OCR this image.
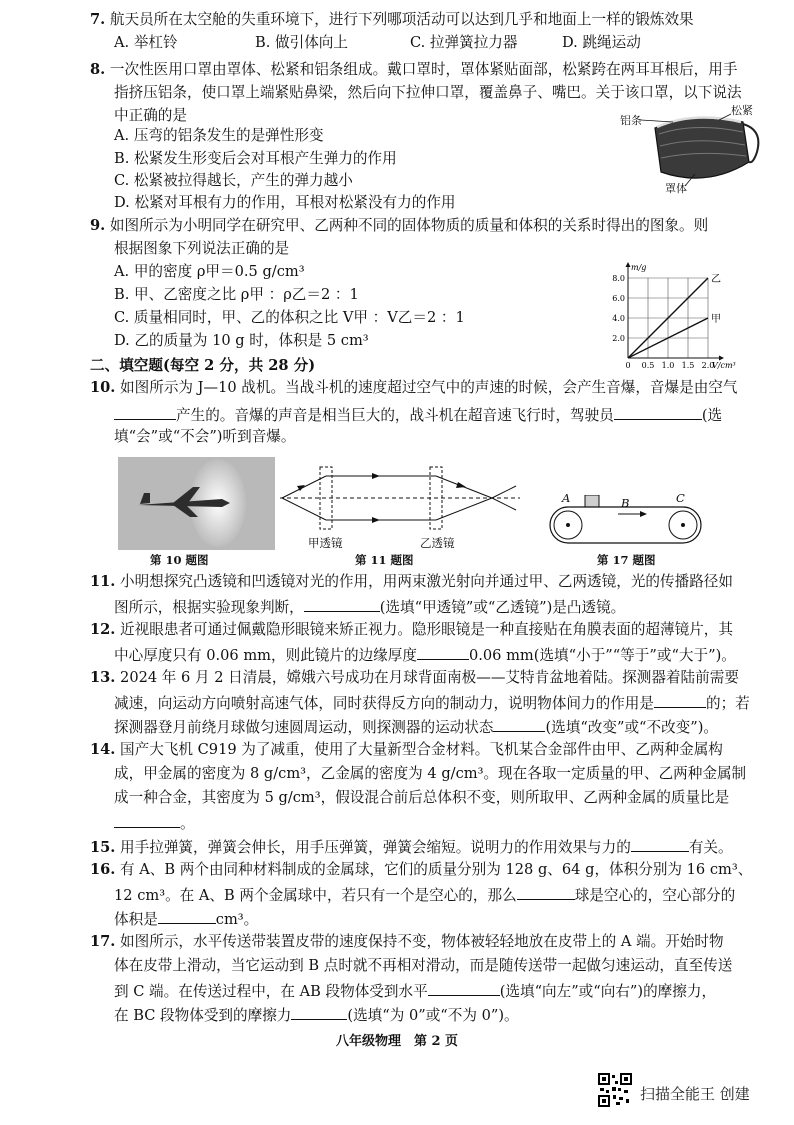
7. 航天员所在太空舱的失重环境下，进行下列哪项活动可以达到几乎和地面上一样的锻炼效果
A. 举杠铃	B. 做引体向上	C. 拉弹簧拉力器	D. 跳绳运动
8. 一次性医用口罩由罩体、松紧和铝条组成。戴口罩时，罩体紧贴面部，松紧跨在两耳耳根后，用手
指挤压铝条，使口罩上端紧贴鼻梁，然后向下拉伸口罩，覆盖鼻子、嘴巴。关于该口罩，以下说法
中正确的是
A. 压弯的铝条发生的是弹性形变
B. 松紧发生形变后会对耳根产生弹力的作用
C. 松紧被拉得越长，产生的弹力越小
D. 松紧对耳根有力的作用，耳根对松紧没有力的作用
铝条
松紧
罩体
9. 如图所示为小明同学在研究甲、乙两种不同的固体物质的质量和体积的关系时得出的图象。则
根据图象下列说法正确的是
A. 甲的密度 ρ甲＝0.5 g/cm³
B. 甲、乙密度之比 ρ甲 ：ρ乙＝2 ：1
C. 质量相同时，甲、乙的体积之比 V甲 ：V乙＝2 ：1
D. 乙的质量为 10 g 时，体积是 5 cm³
0 0.5 1.0 1.5 2.0
2.0
4.0
6.0
8.0
m/g
V/cm³
乙
甲
二、填空题(每空 2 分，共 28 分)
10. 如图所示为 J—10 战机。当战斗机的速度超过空气中的声速的时候，会产生音爆，音爆是由空气
产生的。音爆的声音是相当巨大的，战斗机在超音速飞行时，驾驶员	(选
填“会”或“不会”)听到音爆。
第 10 题图
甲透镜	乙透镜
第 11 题图
A	B	C
第 17 题图
11. 小明想探究凸透镜和凹透镜对光的作用，用两束激光射向并通过甲、乙两透镜，光的传播路径如
图所示，根据实验现象判断，	(选填“甲透镜”或“乙透镜”)是凸透镜。
12. 近视眼患者可通过佩戴隐形眼镜来矫正视力。隐形眼镜是一种直接贴在角膜表面的超薄镜片，其
中心厚度只有 0.06 mm，则此镜片的边缘厚度	0.06 mm(选填“小于”“等于”或“大于”)。
13. 2024 年 6 月 2 日清晨，嫦娥六号成功在月球背面南极——艾特肯盆地着陆。探测器着陆前需要
减速，向运动方向喷射高速气体，同时获得反方向的制动力，说明物体间力的作用是	的；若
探测器登月前绕月球做匀速圆周运动，则探测器的运动状态	(选填“改变”或“不改变”)。
14. 国产大飞机 C919 为了减重，使用了大量新型合金材料。飞机某合金部件由甲、乙两种金属构
成，甲金属的密度为 8 g/cm³，乙金属的密度为 4 g/cm³。现在各取一定质量的甲、乙两种金属制
成一种合金，其密度为 5 g/cm³，假设混合前后总体积不变，则所取甲、乙两种金属的质量比是
。
15. 用手拉弹簧，弹簧会伸长，用手压弹簧，弹簧会缩短。说明力的作用效果与力的	有关。
16. 有 A、B 两个由同种材料制成的金属球，它们的质量分别为 128 g、64 g，体积分别为 16 cm³、
12 cm³。在 A、B 两个金属球中，若只有一个是空心的，那么	球是空心的，空心部分的
体积是	cm³。
17. 如图所示，水平传送带装置皮带的速度保持不变，物体被轻轻地放在皮带上的 A 端。开始时物
体在皮带上滑动，当它运动到 B 点时就不再相对滑动，而是随传送带一起做匀速运动，直至传送
到 C 端。在传送过程中，在 AB 段物体受到水平	(选填“向左”或“向右”)的摩擦力，
在 BC 段物体受到的摩擦力	(选填“为 0”或“不为 0”)。
八年级物理　第 2 页
扫描全能王 创建
